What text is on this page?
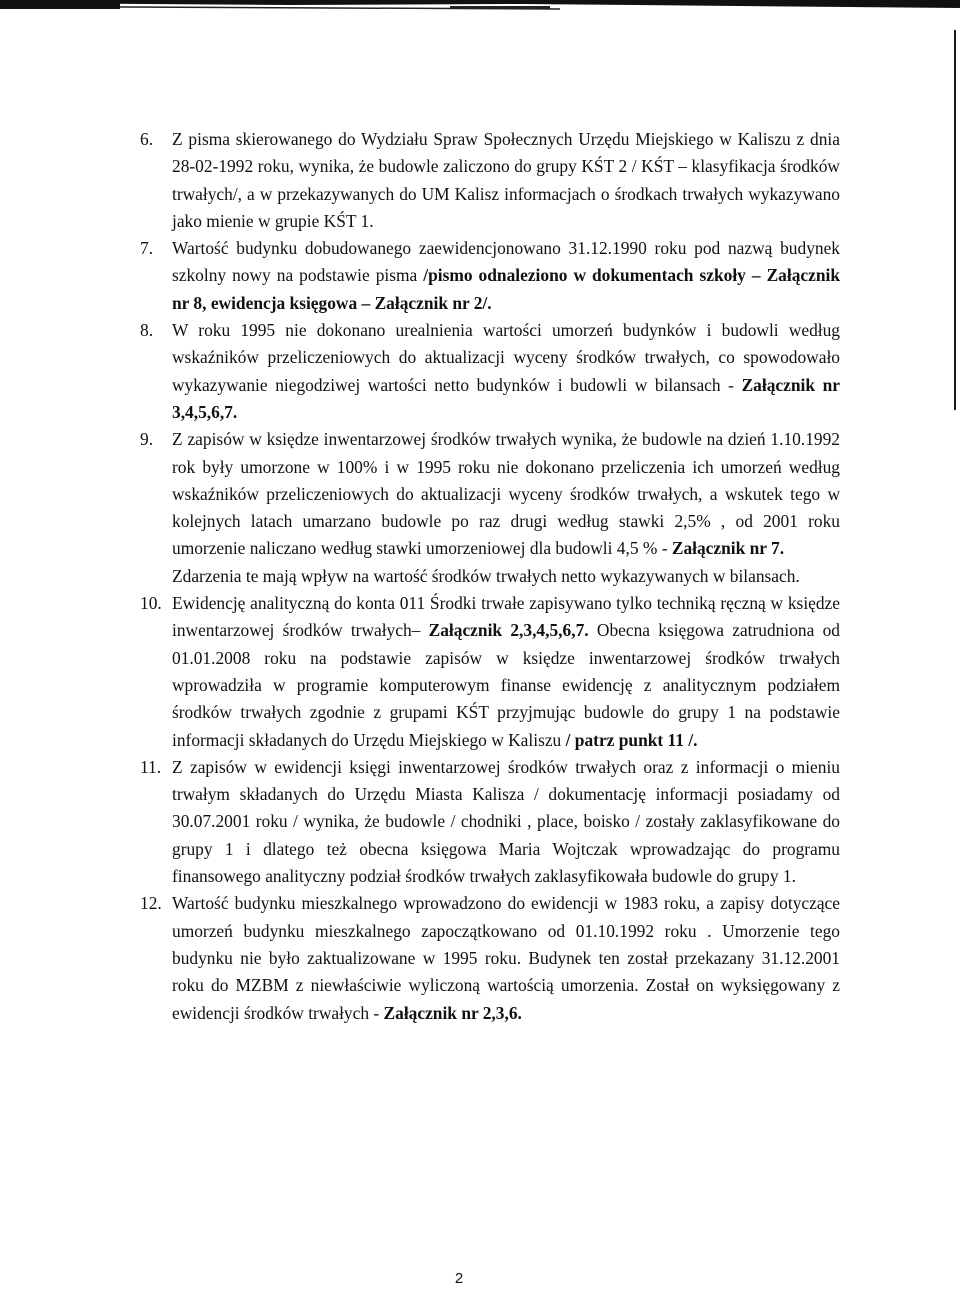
6.	Z pisma skierowanego do Wydziału Spraw Społecznych Urzędu Miejskiego w Kaliszu z dnia 28-02-1992 roku, wynika, że budowle zaliczono do grupy KŚT 2 / KŚT – klasyfikacja środków trwałych/, a w przekazywanych do UM Kalisz informacjach o środkach trwałych wykazywano jako mienie w grupie KŚT 1.
7.	Wartość budynku dobudowanego zaewidencjonowano 31.12.1990 roku pod nazwą budynek szkolny nowy na podstawie pisma /pismo odnaleziono w dokumentach szkoły – Załącznik nr 8, ewidencja księgowa – Załącznik nr 2/.
8.	W roku 1995 nie dokonano urealnienia wartości umorzeń budynków i budowli według wskaźników przeliczeniowych do aktualizacji wyceny środków trwałych, co spowodowało wykazywanie niegodziwej wartości netto budynków i budowli w bilansach - Załącznik nr 3,4,5,6,7.
9.	Z zapisów w księdze inwentarzowej środków trwałych wynika, że budowle na dzień 1.10.1992 rok były umorzone w 100% i w 1995 roku nie dokonano przeliczenia ich umorzeń według wskaźników przeliczeniowych do aktualizacji wyceny środków trwałych, a wskutek tego w kolejnych latach umarzano budowle po raz drugi według stawki 2,5% , od 2001 roku umorzenie naliczano według stawki umorzeniowej dla budowli 4,5 % - Załącznik nr 7.
Zdarzenia te mają wpływ na wartość środków trwałych netto wykazywanych w bilansach.
10. Ewidencję analityczną do konta 011 Środki trwałe zapisywano tylko techniką ręczną w księdze inwentarzowej środków trwałych– Załącznik 2,3,4,5,6,7. Obecna księgowa zatrudniona od 01.01.2008 roku na podstawie zapisów w księdze inwentarzowej środków trwałych wprowadziła w programie komputerowym finanse ewidencję z analitycznym podziałem środków trwałych zgodnie z grupami KŚT przyjmując budowle do grupy 1 na podstawie informacji składanych do Urzędu Miejskiego w Kaliszu / patrz punkt 11 /.
11. Z zapisów w ewidencji księgi inwentarzowej środków trwałych oraz z informacji o mieniu trwałym składanych do Urzędu Miasta Kalisza / dokumentację informacji posiadamy od 30.07.2001 roku / wynika, że budowle / chodniki , place, boisko / zostały zaklasyfikowane do grupy 1 i dlatego też obecna księgowa Maria Wojtczak wprowadzając do programu finansowego analityczny podział środków trwałych zaklasyfikowała budowle do grupy 1.
12. Wartość budynku mieszkalnego wprowadzono do ewidencji w 1983 roku, a zapisy dotyczące umorzeń budynku mieszkalnego zapoczątkowano od 01.10.1992 roku . Umorzenie tego budynku nie było zaktualizowane w 1995 roku. Budynek ten został przekazany 31.12.2001 roku do MZBM z niewłaściwie wyliczoną wartością umorzenia. Został on wyksięgowany z ewidencji środków trwałych - Załącznik nr 2,3,6.
2
